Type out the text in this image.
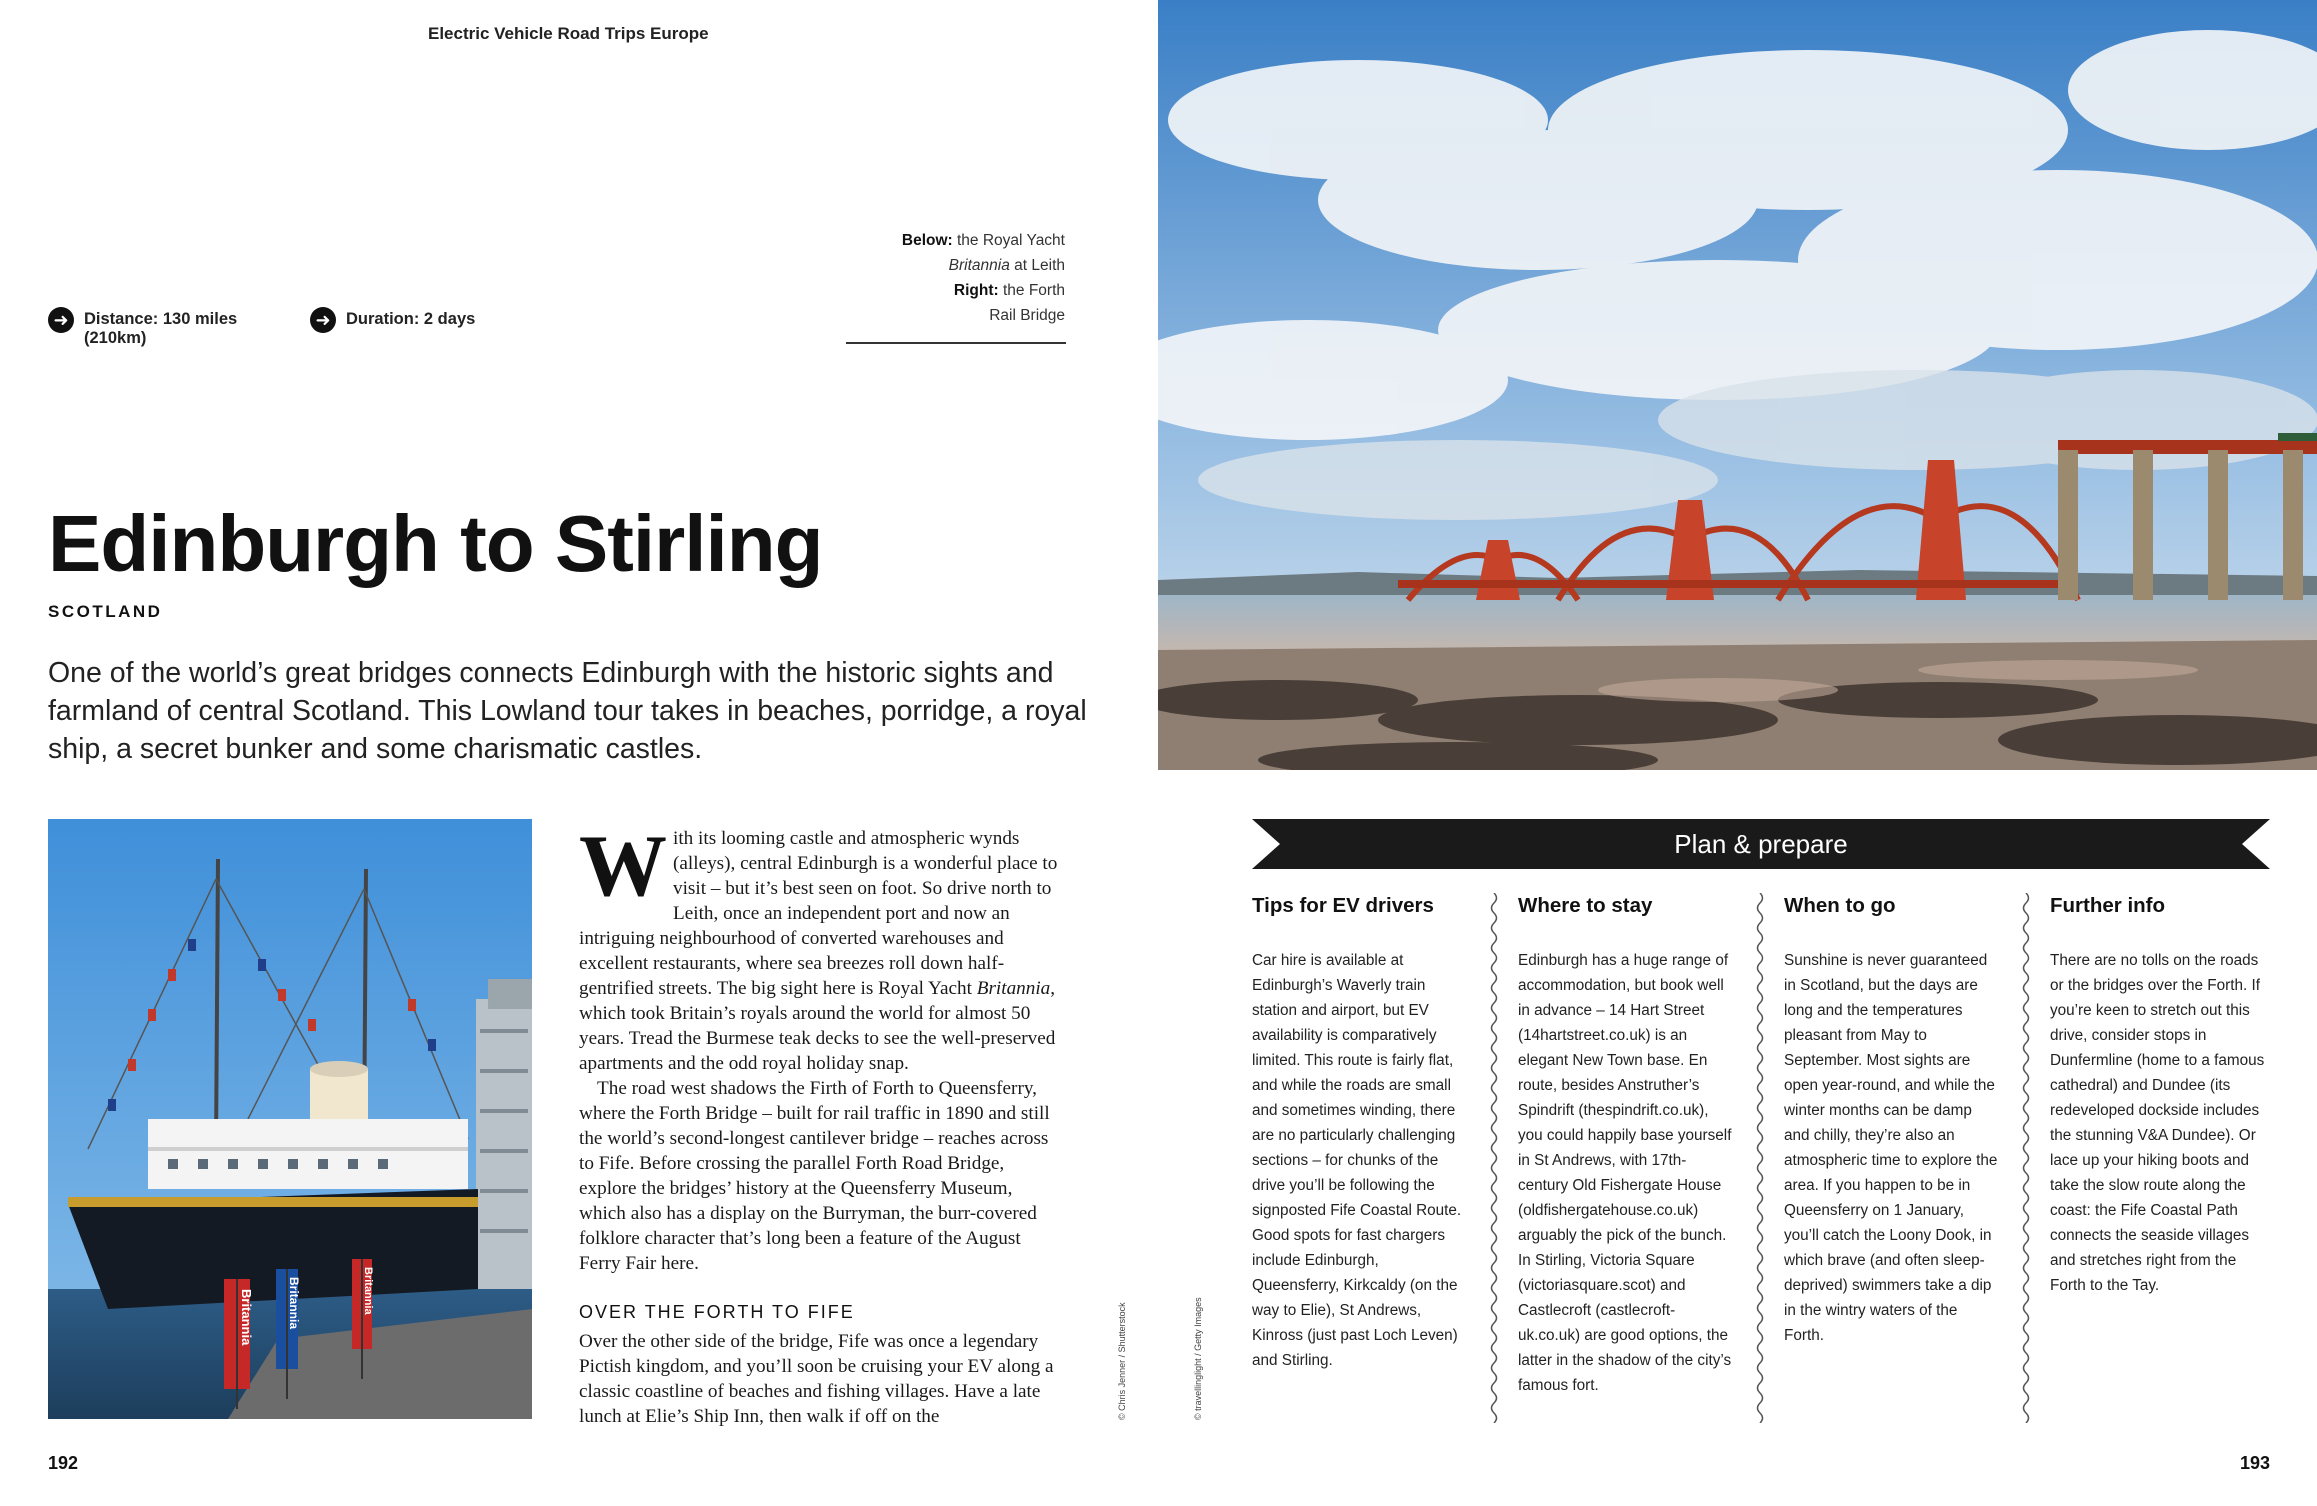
Electric Vehicle Road Trips Europe
Below: the Royal Yacht
Britannia at Leith
Right: the Forth
Rail Bridge
➜ Distance: 130 miles (210km)
➜ Duration: 2 days
Edinburgh to Stirling
SCOTLAND
One of the world’s great bridges connects Edinburgh with the historic sights and farmland of central Scotland. This Lowland tour takes in beaches, porridge, a royal ship, a secret bunker and some charismatic castles.
Britannia	Britannia
Britannia

With its looming castle and atmospheric wynds (alleys), central Edinburgh is a wonderful place to visit – but it’s best seen on foot. So drive north to Leith, once an independent port and now an intriguing neighbourhood of converted warehouses and excellent restaurants, where sea breezes roll down half-gentrified streets. The big sight here is Royal Yacht Britannia, which took Britain’s royals around the world for almost 50 years. Tread the Burmese teak decks to see the well-preserved apartments and the odd royal holiday snap.

The road west shadows the Firth of Forth to Queensferry, where the Forth Bridge – built for rail traffic in 1890 and still the world’s second-longest cantilever bridge – reaches across to Fife. Before crossing the parallel Forth Road Bridge, explore the bridges’ history at the Queensferry Museum, which also has a display on the Burryman, the burr-covered folklore character that’s long been a feature of the August Ferry Fair here.

OVER THE FORTH TO FIFE

Over the other side of the bridge, Fife was once a legendary Pictish kingdom, and you’ll soon be cruising your EV along a classic coastline of beaches and fishing villages. Have a late lunch at Elie’s Ship Inn, then walk if off on the	© Chris Jenner / Shutterstock	© travellinglight / Getty Images
Plan & prepare
Tips for EV drivers
Car hire is available at Edinburgh’s Waverly train station and airport, but EV availability is comparatively limited. This route is fairly flat, and while the roads are small and sometimes winding, there are no particularly challenging sections – for chunks of the drive you’ll be following the signposted Fife Coastal Route. Good spots for fast chargers include Edinburgh, Queensferry, Kirkcaldy (on the way to Elie), St Andrews, Kinross (just past Loch Leven) and Stirling.
Where to stay
Edinburgh has a huge range of accommodation, but book well in advance – 14 Hart Street (14hartstreet.co.uk) is an elegant New Town base. En route, besides Anstruther’s Spindrift (thespindrift.co.uk), you could happily base yourself in St Andrews, with 17th-century Old Fishergate House (oldfishergatehouse.co.uk) arguably the pick of the bunch. In Stirling, Victoria Square (victoriasquare.scot) and Castlecroft (castlecroft-uk.co.uk) are good options, the latter in the shadow of the city’s famous fort.
When to go
Sunshine is never guaranteed in Scotland, but the days are long and the temperatures pleasant from May to September. Most sights are open year-round, and while the winter months can be damp and chilly, they’re also an atmospheric time to explore the area. If you happen to be in Queensferry on 1 January, you’ll catch the Loony Dook, in which brave (and often sleep-deprived) swimmers take a dip in the wintry waters of the Forth.
Further info
There are no tolls on the roads or the bridges over the Forth. If you’re keen to stretch out this drive, consider stops in Dunfermline (home to a famous cathedral) and Dundee (its redeveloped dockside includes the stunning V&A Dundee). Or lace up your hiking boots and take the slow route along the coast: the Fife Coastal Path connects the seaside villages and stretches right from the Forth to the Tay.
192	193
